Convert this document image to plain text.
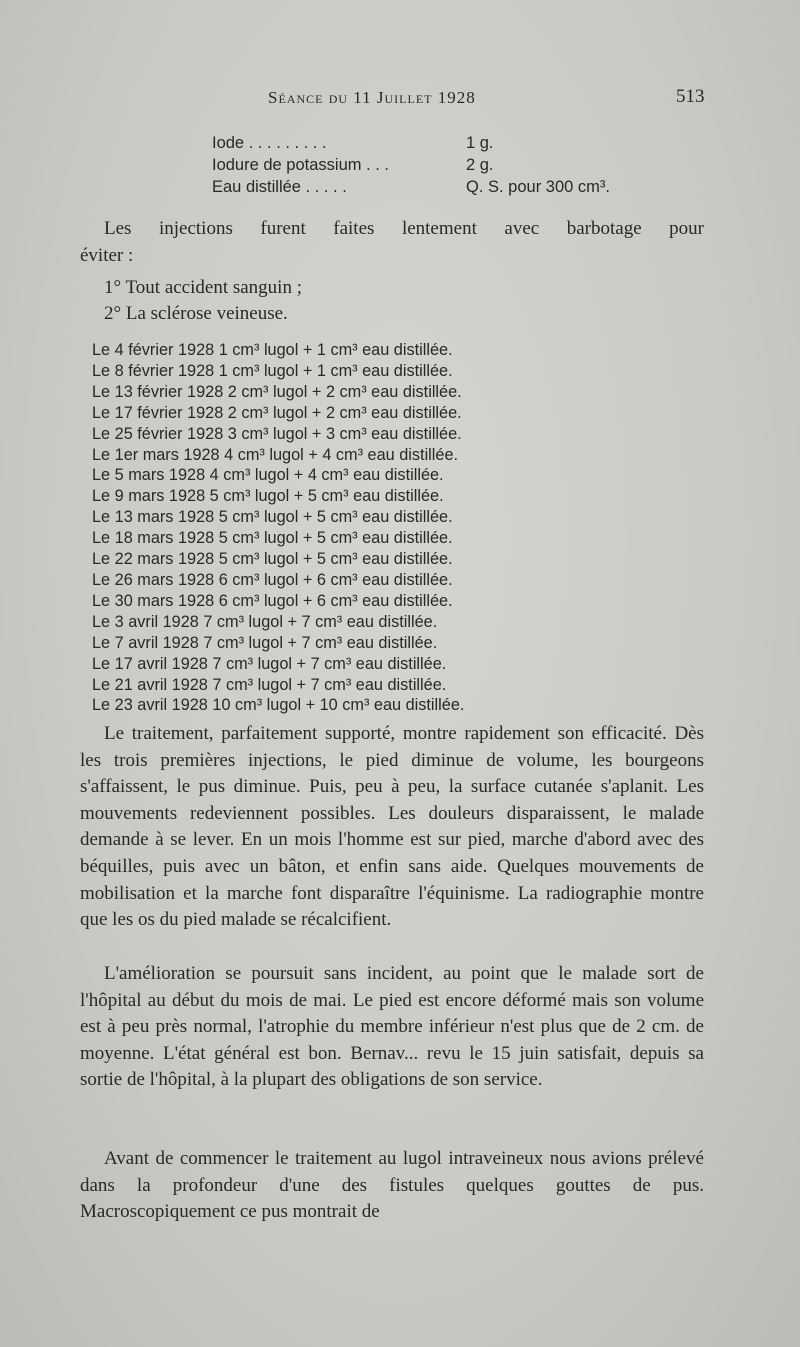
Séance du 11 Juillet 1928	513
Iode . . . . . . . . .	1 g.
Iodure de potassium . . .	2 g.
Eau distillée . . . . .	Q. S. pour 300 cm³.

Les injections furent faites lentement avec barbotage pour
éviter :

1° Tout accident sanguin ;
2° La sclérose veineuse.
Le 4 février 1928 1 cm³ lugol + 1 cm³ eau distillée.
Le 8 février 1928 1 cm³ lugol + 1 cm³ eau distillée.
Le 13 février 1928 2 cm³ lugol + 2 cm³ eau distillée.
Le 17 février 1928 2 cm³ lugol + 2 cm³ eau distillée.
Le 25 février 1928 3 cm³ lugol + 3 cm³ eau distillée.
Le 1er mars 1928 4 cm³ lugol + 4 cm³ eau distillée.
Le 5 mars 1928 4 cm³ lugol + 4 cm³ eau distillée.
Le 9 mars 1928 5 cm³ lugol + 5 cm³ eau distillée.
Le 13 mars 1928 5 cm³ lugol + 5 cm³ eau distillée.
Le 18 mars 1928 5 cm³ lugol + 5 cm³ eau distillée.
Le 22 mars 1928 5 cm³ lugol + 5 cm³ eau distillée.
Le 26 mars 1928 6 cm³ lugol + 6 cm³ eau distillée.
Le 30 mars 1928 6 cm³ lugol + 6 cm³ eau distillée.
Le 3 avril 1928 7 cm³ lugol + 7 cm³ eau distillée.
Le 7 avril 1928 7 cm³ lugol + 7 cm³ eau distillée.
Le 17 avril 1928 7 cm³ lugol + 7 cm³ eau distillée.
Le 21 avril 1928 7 cm³ lugol + 7 cm³ eau distillée.
Le 23 avril 1928 10 cm³ lugol + 10 cm³ eau distillée.

Le traitement, parfaitement supporté, montre rapidement son efficacité. Dès les trois premières injections, le pied diminue de volume, les bourgeons s'affaissent, le pus diminue. Puis, peu à peu, la surface cutanée s'aplanit. Les mouvements redeviennent possibles. Les douleurs disparaissent, le malade demande à se lever. En un mois l'homme est sur pied, marche d'abord avec des béquilles, puis avec un bâton, et enfin sans aide. Quelques mouvements de mobilisation et la marche font disparaître l'équinisme. La radiographie montre que les os du pied malade se récalcifient.

L'amélioration se poursuit sans incident, au point que le malade sort de l'hôpital au début du mois de mai. Le pied est encore déformé mais son volume est à peu près normal, l'atrophie du membre inférieur n'est plus que de 2 cm. de moyenne. L'état général est bon. Bernav... revu le 15 juin satisfait, depuis sa sortie de l'hôpital, à la plupart des obligations de son service.

Avant de commencer le traitement au lugol intraveineux nous avions prélevé dans la profondeur d'une des fistules quelques gouttes de pus. Macroscopiquement ce pus montrait de
